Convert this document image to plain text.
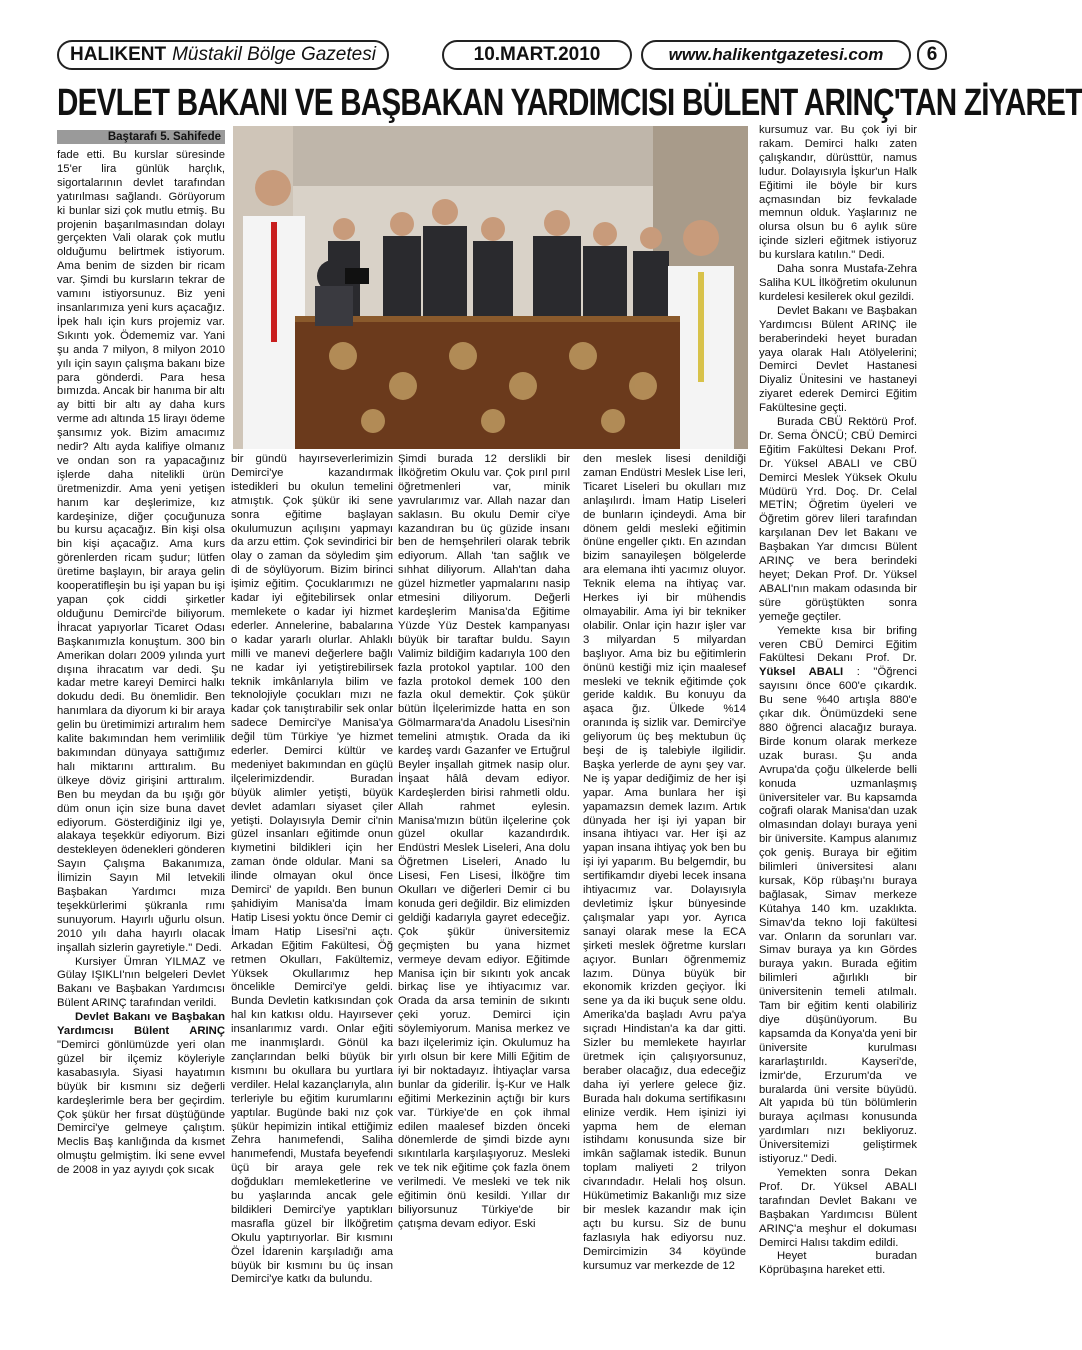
HALIKENT Müstakil Bölge Gazetesi	10.MART.2010	www.halikentgazetesi.com	6
DEVLET BAKANI VE BAŞBAKAN YARDIMCISI BÜLENT ARINÇ'TAN ZİYARET
Baştarafı 5. Sahifede

fade etti. Bu kurslar süresinde 15'er lira günlük harçlık, sigortalarının devlet tarafından yatırılması sağlandı. Görüyorum ki bunlar sizi çok mutlu etmiş. Bu projenin başarılmasından dolayı gerçekten Vali olarak çok mutlu olduğumu belirtmek istiyorum. Ama benim de sizden bir ricam var. Şimdi bu kursların tekrar de vamını istiyorsunuz. Biz yeni insanlarımıza yeni kurs açacağız. İpek halı için kurs projemiz var. Sıkıntı yok. Ödememiz var. Yani şu anda 7 milyon, 8 milyon 2010 yılı için sayın çalışma bakanı bize para gönderdi. Para hesa bımızda. Ancak bir hanıma bir altı ay bitti bir altı ay daha kurs verme adı altında 15 lirayı ödeme şansımız yok. Bizim amacımız nedir? Altı ayda kalifiye olmanız ve ondan son ra yapacağınız işlerde daha nitelikli ürün üretmenizdir. Ama yeni yetişen hanım kar deşlerimize, kız kardeşinize, diğer çocuğunuza bu kursu açacağız. Bin kişi olsa bin kişi açacağız. Ama kurs görenlerden ricam şudur; lütfen üretime başlayın, bir araya gelin kooperatifleşin bu işi yapan bu işi yapan çok ciddi şirketler olduğunu Demirci'de biliyorum. İhracat yapıyorlar Ticaret Odası Başkanımızla konuştum. 300 bin Amerikan doları 2009 yılında yurt dışına ihracatım var dedi. Şu kadar metre kareyi Demirci halkı dokudu dedi. Bu önemlidir. Ben hanımlara da diyorum ki bir araya gelin bu üretimimizi artıralım hem kalite bakımından hem verimlilik bakımından dünyaya sattığımız halı miktarını arttıralım. Bu ülkeye döviz girişini arttıralım. Ben bu meydan da bu ışığı gör düm onun için size buna davet ediyorum. Gösterdiğiniz ilgi ye, alakaya teşekkür ediyorum. Bizi destekleyen ödenekleri gönderen Sayın Çalışma Bakanımıza, İlimizin Sayın Mil letvekili Başbakan Yardımcı mıza teşekkürlerimi şükranla rımı sunuyorum. Hayırlı uğurlu olsun. 2010 yılı daha hayırlı olacak inşallah sizlerin gayretiyle." Dedi.

Kursiyer Ümran YILMAZ ve Gülay IŞIKLI'nın belgeleri Devlet Bakanı ve Başbakan Yardımcısı Bülent ARINÇ tarafından verildi.

Devlet Bakanı ve Başbakan Yardımcısı Bülent ARINÇ "Demirci gönlümüzde yeri olan güzel bir ilçemiz köyleriyle kasabasıyla. Siyasi hayatımın büyük bir kısmını siz değerli kardeşlerimle bera ber geçirdim. Çok şükür her fırsat düştüğünde Demirci'ye gelmeye çalıştım. Meclis Baş kanlığında da kısmet olmuştu gelmiştim. İki sene evvel de 2008 in yaz ayıydı çok sıcak

bir gündü hayırseverlerimizin Demirci'ye kazandırmak istedikleri bu okulun temelini atmıştık. Çok şükür iki sene sonra eğitime başlayan okulumuzun açılışını yapmayı da arzu ettim. Çok sevindirici bir olay o zaman da söyledim şim di de söylüyorum. Bizim birinci işimiz eğitim. Çocuklarımızı ne kadar iyi eğitebilirsek onlar memlekete o kadar iyi hizmet ederler. Annelerine, babalarına o kadar yararlı olurlar. Ahlaklı milli ve manevi değerlere bağlı ne kadar iyi yetiştirebilirsek teknik imkânlarıyla bilim ve teknolojiyle çocukları mızı ne kadar çok tanıştırabilir sek onlar sadece Demirci'ye Manisa'ya değil tüm Türkiye 'ye hizmet ederler. Demirci kültür ve medeniyet bakımından en güçlü ilçelerimizdendir. Buradan büyük alimler yetişti, büyük devlet adamları siyaset çiler yetişti. Dolayısıyla Demir ci'nin güzel insanları eğitimde onun kıymetini bildikleri için her zaman önde oldular. Mani sa ilinde olmayan okul önce Demirci' de yapıldı. Ben bunun şahidiyim Manisa'da İmam Hatip Lisesi yoktu önce Demir ci İmam Hatip Lisesi'ni açtı. Arkadan Eğitim Fakültesi, Öğ retmen Okulları, Fakültemiz, Yüksek Okullarımız hep öncelikle Demirci'ye geldi. Bunda Devletin katkısından çok hal kın katkısı oldu. Hayırsever insanlarımız vardı. Onlar eğiti me inanmışlardı. Gönül ka zançlarından belki büyük bir kısmını bu okullara bu yurtlara verdiler. Helal kazançlarıyla, alın terleriyle bu eğitim kurumlarını yaptılar. Bugünde baki nız çok şükür hepimizin intikal ettiğimiz Zehra hanımefendi, Saliha hanımefendi, Mustafa beyefendi üçü bir araya gele rek doğdukları memleketlerine ve bu yaşlarında ancak gele bildikleri Demirci'ye yaptıkları masrafla güzel bir İlköğretim Okulu yaptırıyorlar. Bir kısmını Özel İdarenin karşıladığı ama büyük bir kısmını bu üç insan Demirci'ye katkı da bulundu.

Şimdi burada 12 derslikli bir İlköğretim Okulu var. Çok pırıl pırıl öğretmenleri var, minik yavrularımız var. Allah nazar dan saklasın. Bu okulu Demir ci'ye kazandıran bu üç güzide insanı ben de hemşehrileri olarak tebrik ediyorum. Allah 'tan sağlık ve sıhhat diliyorum. Allah'tan daha güzel hizmetler yapmalarını nasip etmesini diliyorum. Değerli kardeşlerim Manisa'da Eğitime Yüzde Yüz Destek kampanyası büyük bir taraftar buldu. Sayın Valimiz bildiğim kadarıyla 100 den fazla protokol yaptılar. 100 den fazla protokol demek 100 den fazla okul demektir. Çok şükür bütün İlçelerimizde hatta en son Gölmarmara'da Anadolu Lisesi'nin temelini atmıştık. Orada da iki kardeş vardı Gazanfer ve Ertuğrul Beyler inşallah gitmek nasip olur. İnşaat hâlâ devam ediyor. Kardeşlerden birisi rahmetli oldu. Allah rahmet eylesin. Manisa'mızın bütün ilçelerine çok güzel okullar kazandırdık. Endüstri Meslek Liseleri, Ana dolu Öğretmen Liseleri, Anado lu Lisesi, Fen Lisesi, İlköğre tim Okulları ve diğerleri Demir ci bu konuda geri değildir. Biz elimizden geldiği kadarıyla gayret edeceğiz. Çok şükür üniversitemiz geçmişten bu yana hizmet vermeye devam ediyor. Eğitimde Manisa için bir sıkıntı yok ancak birkaç lise ye ihtiyacımız var. Orada da arsa teminin de sıkıntı çeki yoruz. Demirci için söylemiyorum. Manisa merkez ve bazı ilçelerimiz için. Okulumuz ha yırlı olsun bir kere Milli Eğitim de iyi bir noktadayız. İhtiyaçlar varsa bunlar da giderilir. İş-Kur ve Halk eğitimi Merkezinin açtığı bir kurs var. Türkiye'de en çok ihmal edilen maalesef bizden önceki dönemlerde de şimdi bizde aynı sıkıntılarla karşılaşıyoruz. Mesleki ve tek nik eğitime çok fazla önem verilmedi. Ve mesleki ve tek nik eğitimin önü kesildi. Yıllar dır biliyorsunuz Türkiye'de bir çatışma devam ediyor. Eski

den meslek lisesi denildiği zaman Endüstri Meslek Lise leri, Ticaret Liseleri bu okulları mız anlaşılırdı. İmam Hatip Liseleri de bunların içindeydi. Ama bir dönem geldi mesleki eğitimin önüne engeller çıktı. En azından bizim sanayileşen bölgelerde ara elemana ihti yacımız oluyor. Teknik elema na ihtiyaç var. Herkes iyi bir mühendis olmayabilir. Ama iyi bir tekniker olabilir. Onlar için hazır işler var 3 milyardan 5 milyardan başlıyor. Ama biz bu eğitimlerin önünü kestiği miz için maalesef mesleki ve teknik eğitimde çok geride kaldık. Bu konuyu da aşaca ğız. Ülkede %14 oranında iş sizlik var. Demirci'ye geliyorum üç beş mektubun üç beşi de iş talebiyle ilgilidir. Başka yerlerde de aynı şey var. Ne iş yapar dediğimiz de her işi yapar. Ama bunlara her işi yapamazsın demek lazım. Artık dünyada her işi iyi yapan bir insana ihtiyacı var. Her işi az yapan insana ihtiyaç yok ben bu işi iyi yaparım. Bu belgemdir, bu sertifikamdır diyebi lecek insana ihtiyacımız var. Dolayısıyla devletimiz İşkur bünyesinde çalışmalar yapı yor. Ayrıca sanayi olarak mese la ECA şirketi meslek öğretme kursları açıyor. Bunları öğrenmemiz lazım. Dünya büyük bir ekonomik krizden geçiyor. İki sene ya da iki buçuk sene oldu. Amerika'da başladı Avru pa'ya sıçradı Hindistan'a ka dar gitti. Sizler bu memlekete hayırlar üretmek için çalışıyorsunuz, beraber olacağız, dua edeceğiz daha iyi yerlere gelece ğiz. Burada halı dokuma sertifikasını elinize verdik. Hem işinizi iyi yapma hem de eleman istihdamı konusunda size bir imkân sağlamak istedik. Bunun toplam maliyeti 2 trilyon civarındadır. Helali hoş olsun. Hükümetimiz Bakanlığı mız size bir meslek kazandır mak için açtı bu kursu. Siz de bunu fazlasıyla hak ediyorsu nuz. Demircimizin 34 köyünde kursumuz var merkezde de 12

kursumuz var. Bu çok iyi bir rakam. Demirci halkı zaten çalışkandır, dürüsttür, namus ludur. Dolayısıyla İşkur'un Halk Eğitimi ile böyle bir kurs açmasından biz fevkalade memnun olduk. Yaşlarınız ne olursa olsun bu 6 aylık süre içinde sizleri eğitmek istiyoruz bu kurslara katılın." Dedi.

Daha sonra Mustafa-Zehra Saliha KUL İlköğretim okulunun kurdelesi kesilerek okul gezildi.

Devlet Bakanı ve Başbakan Yardımcısı Bülent ARINÇ ile beraberindeki heyet buradan yaya olarak Halı Atölyelerini; Demirci Devlet Hastanesi Diyaliz Ünitesini ve hastaneyi ziyaret ederek Demirci Eğitim Fakültesine geçti.

Burada CBÜ Rektörü Prof. Dr. Sema ÖNCÜ; CBÜ Demirci Eğitim Fakültesi Dekanı Prof. Dr. Yüksel ABALI ve CBÜ Demirci Meslek Yüksek Okulu Müdürü Yrd. Doç. Dr. Celal METİN; Öğretim üyeleri ve Öğretim görev lileri tarafından karşılanan Dev let Bakanı ve Başbakan Yar dımcısı Bülent ARINÇ ve bera berindeki heyet; Dekan Prof. Dr. Yüksel ABALI'nın makam odasında bir süre görüştükten sonra yemeğe geçtiler.

Yemekte kısa bir brifing veren CBÜ Demirci Eğitim Fakültesi Dekanı Prof. Dr. Yüksel ABALI : "Öğrenci sayısını önce 600'e çıkardık. Bu sene %40 artışla 880'e çıkar dık. Önümüzdeki sene 880 öğrenci alacağız buraya. Birde konum olarak merkeze uzak burası. Şu anda Avrupa'da çoğu ülkelerde belli konuda uzmanlaşmış üniversiteler var. Bu kapsamda coğrafi olarak Manisa'dan uzak olmasından dolayı buraya yeni bir üniversite. Kampus alanımız çok geniş. Buraya bir eğitim bilimleri üniversitesi alanı kursak, Köp rübaşı'nı buraya bağlasak, Simav merkeze Kütahya 140 km. uzaklıkta. Simav'da tekno loji fakültesi var. Onların da sorunları var. Simav buraya ya kın Gördes buraya yakın. Burada eğitim bilimleri ağırlıklı bir üniversitenin temeli atılmalı. Tam bir eğitim kenti olabiliriz diye düşünüyorum. Bu kapsamda da Konya'da yeni bir üniversite kurulması kararlaştırıldı. Kayseri'de, İzmir'de, Erzurum'da ve buralarda üni versite büyüdü. Alt yapıda bü tün bölümlerin buraya açılması konusunda yardımları nızı bekliyoruz. Üniversitemizi geliştirmek istiyoruz." Dedi.

Yemekten sonra Dekan Prof. Dr. Yüksel ABALI tarafından Devlet Bakanı ve Başbakan Yardımcısı Bülent ARINÇ'a meşhur el dokuması Demirci Halısı takdim edildi.

Heyet buradan Köprübaşına hareket etti.
